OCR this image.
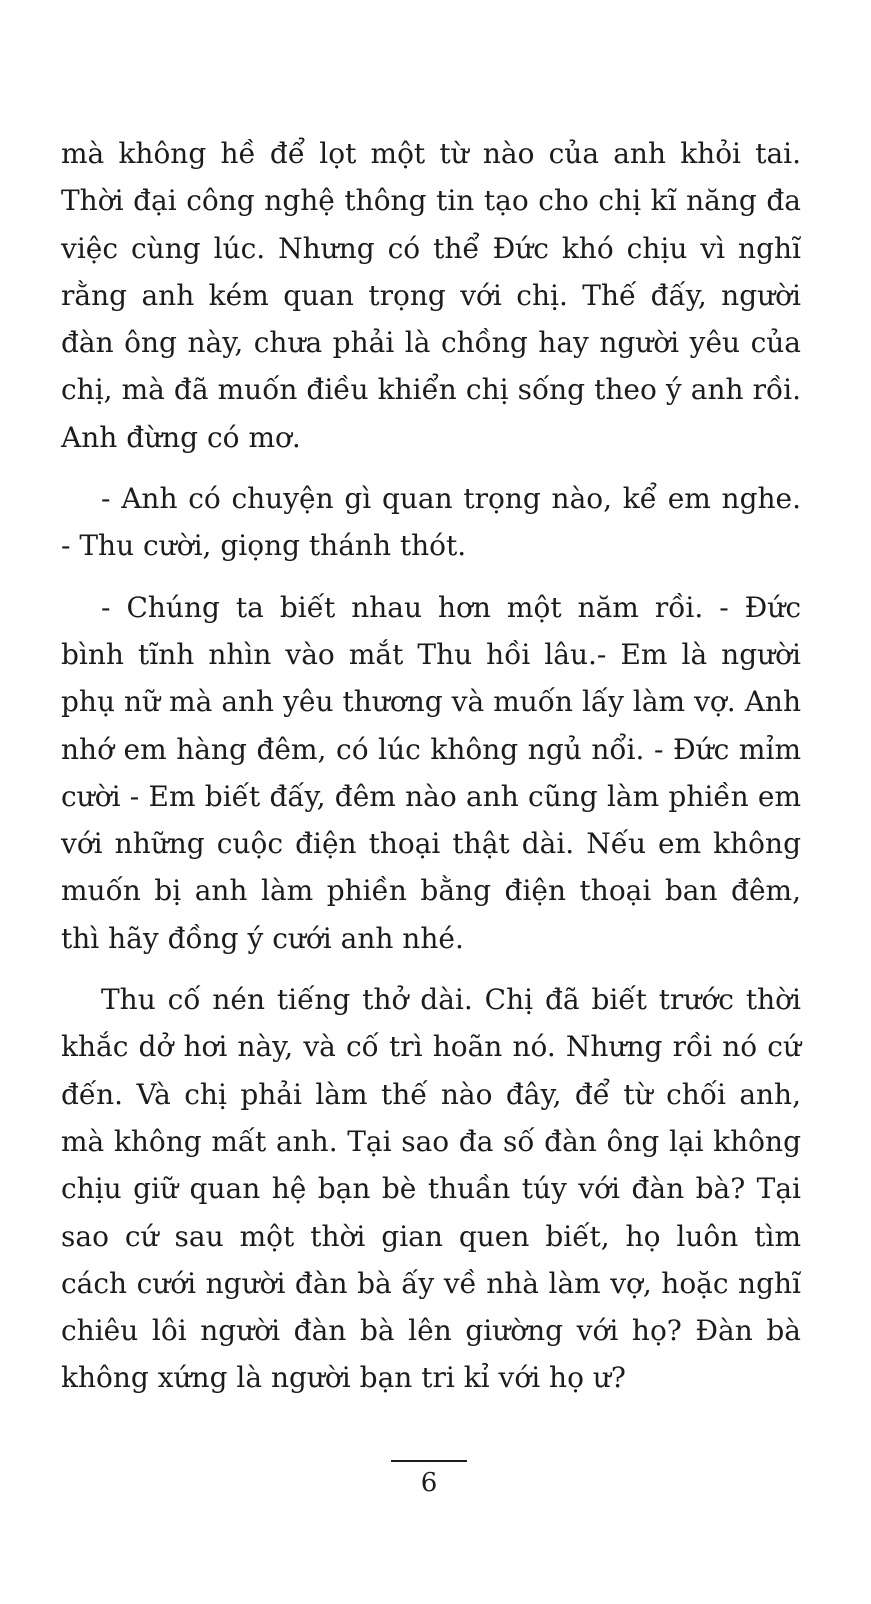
mà không hề để lọt một từ nào của anh khỏi tai. Thời đại công nghệ thông tin tạo cho chị kĩ năng đa việc cùng lúc. Nhưng có thể Đức khó chịu vì nghĩ rằng anh kém quan trọng với chị. Thế đấy, người đàn ông này, chưa phải là chồng hay người yêu của chị, mà đã muốn điều khiển chị sống theo ý anh rồi. Anh đừng có mơ.

- Anh có chuyện gì quan trọng nào, kể em nghe. - Thu cười, giọng thánh thót.

- Chúng ta biết nhau hơn một năm rồi. - Đức bình tĩnh nhìn vào mắt Thu hồi lâu.- Em là người phụ nữ mà anh yêu thương và muốn lấy làm vợ. Anh nhớ em hàng đêm, có lúc không ngủ nổi. - Đức mỉm cười - Em biết đấy, đêm nào anh cũng làm phiền em với những cuộc điện thoại thật dài. Nếu em không muốn bị anh làm phiền bằng điện thoại ban đêm, thì hãy đồng ý cưới anh nhé.

Thu cố nén tiếng thở dài. Chị đã biết trước thời khắc dở hơi này, và cố trì hoãn nó. Nhưng rồi nó cứ đến. Và chị phải làm thế nào đây, để từ chối anh, mà không mất anh. Tại sao đa số đàn ông lại không chịu giữ quan hệ bạn bè thuần túy với đàn bà? Tại sao cứ sau một thời gian quen biết, họ luôn tìm cách cưới người đàn bà ấy về nhà làm vợ, hoặc nghĩ chiêu lôi người đàn bà lên giường với họ? Đàn bà không xứng là người bạn tri kỉ với họ ư?

6
